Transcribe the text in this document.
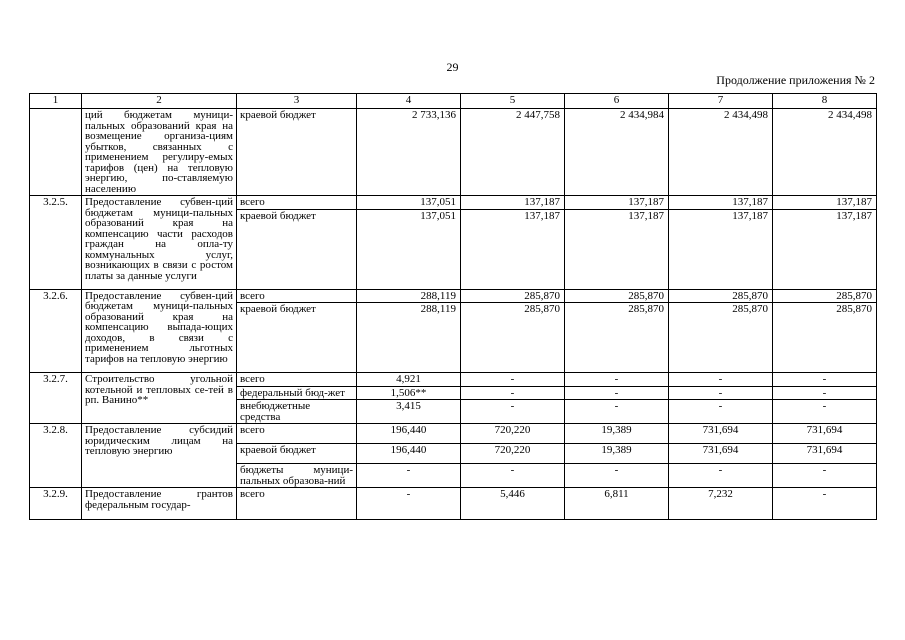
29
Продолжение приложения № 2
1	2	3	4	5	6	7	8
	ций бюджетам муници-пальных образований края на возмещение организа-циям убытков, связанных с применением регулиру-емых тарифов (цен) на тепловую энергию, по-ставляемую населению	краевой бюджет	2 733,136	2 447,758	2 434,984	2 434,498	2 434,498
3.2.5.	Предоставление субвен-ций бюджетам муници-пальных образований края на компенсацию части расходов граждан на опла-ту коммунальных услуг, возникающих в связи с ростом платы за данные услуги	всего	137,051	137,187	137,187	137,187	137,187
		краевой бюджет	137,051	137,187	137,187	137,187	137,187
3.2.6.	Предоставление субвен-ций бюджетам муници-пальных образований края на компенсацию выпада-ющих доходов, в связи с применением льготных тарифов на тепловую энергию	всего	288,119	285,870	285,870	285,870	285,870
		краевой бюджет	288,119	285,870	285,870	285,870	285,870
3.2.7.	Строительство угольной котельной и тепловых се-тей в рп. Ванино**	всего	4,921	-	-	-	-
		федеральный бюд-жет	1,506**	-	-	-	-
		внебюджетные средства	3,415	-	-	-	-
3.2.8.	Предоставление субсидий юридическим лицам на тепловую энергию	всего	196,440	720,220	19,389	731,694	731,694
		краевой бюджет	196,440	720,220	19,389	731,694	731,694
		бюджеты муници-пальных образова-ний	-	-	-	-	-
3.2.9.	Предоставление грантов федеральным государ-	всего	-	5,446	6,811	7,232	-
